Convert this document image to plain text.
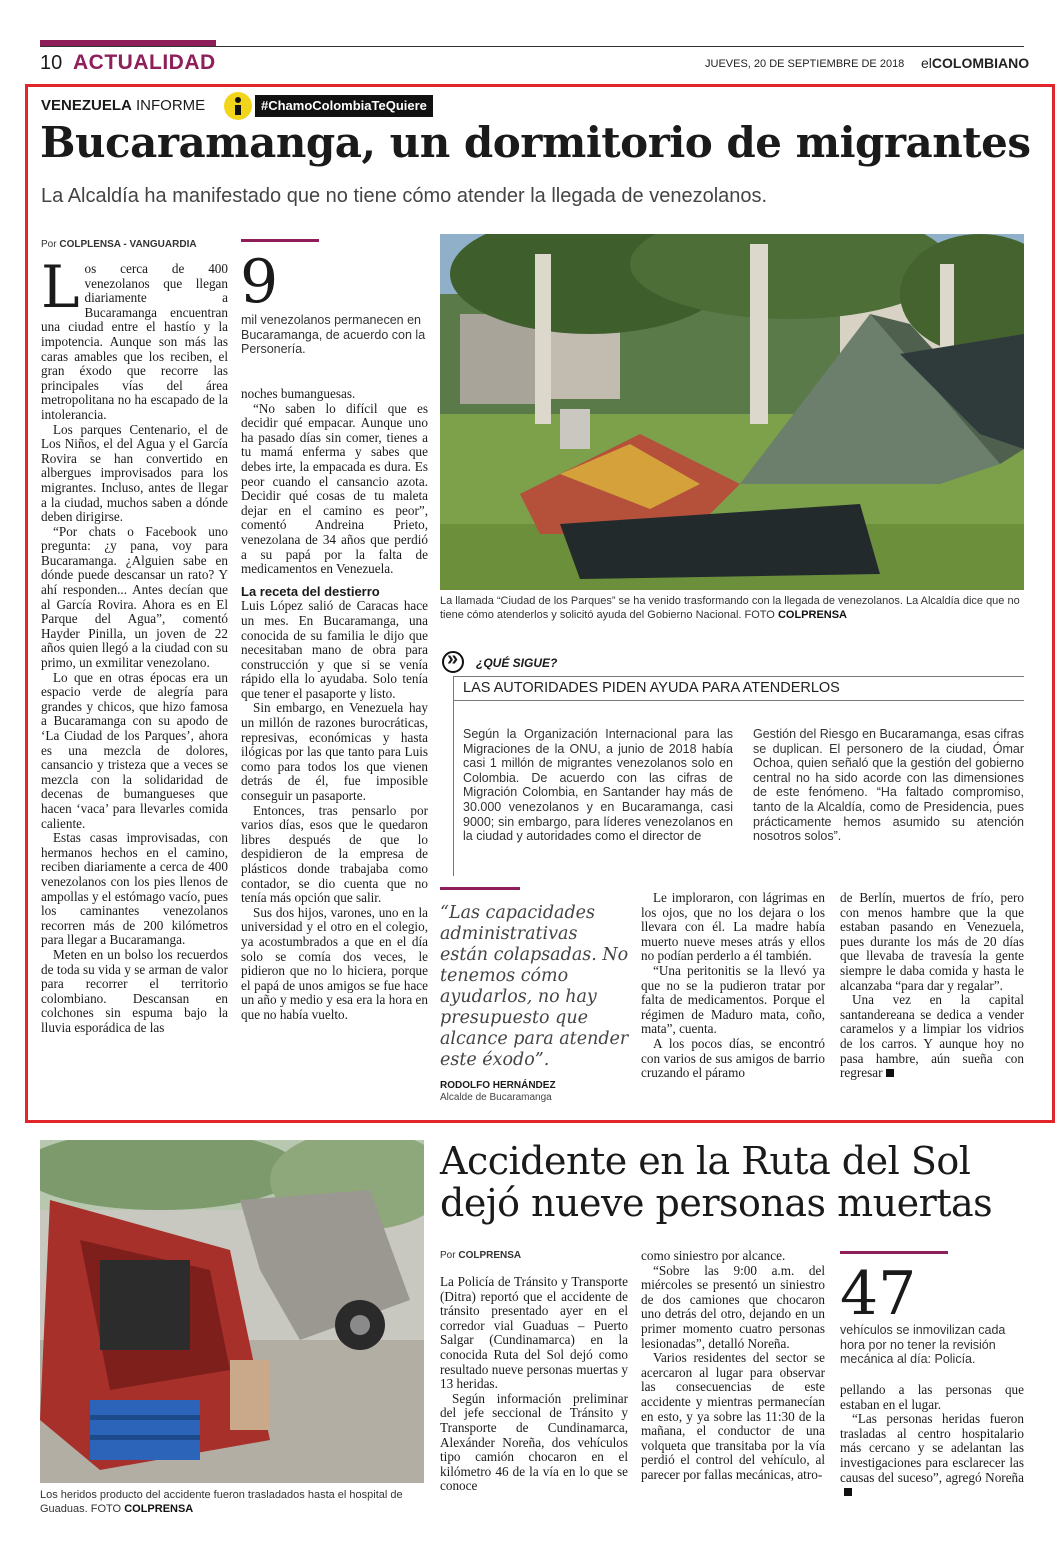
10 ACTUALIDAD	JUEVES, 20 DE SEPTIEMBRE DE 2018 elCOLOMBIANO
VENEZUELA INFORME	#ChamoColombiaTeQuiere
Bucaramanga, un dormitorio de migrantes
La Alcaldía ha manifestado que no tiene cómo atender la llegada de venezolanos.
Por COLPLENSA - VANGUARDIA

Los cerca de 400 venezolanos que llegan diariamente a Bucaramanga encuentran una ciudad entre el hastío y la impotencia. Aunque son más las caras amables que los reciben, el gran éxodo que recorre las principales vías del área metropolitana no ha escapado de la intolerancia.

Los parques Centenario, el de Los Niños, el del Agua y el García Rovira se han convertido en albergues improvisados para los migrantes. Incluso, antes de llegar a la ciudad, muchos saben a dónde deben dirigirse.

“Por chats o Facebook uno pregunta: ¿y pana, voy para Bucaramanga. ¿Alguien sabe en dónde puede descansar un rato? Y ahí responden... Antes decían que al García Rovira. Ahora es en El Parque del Agua”, comentó Hayder Pinilla, un joven de 22 años quien llegó a la ciudad con su primo, un exmilitar venezolano.

Lo que en otras épocas era un espacio verde de alegría para grandes y chicos, que hizo famosa a Bucaramanga con su apodo de ‘La Ciudad de los Parques’, ahora es una mezcla de dolores, cansancio y tristeza que a veces se mezcla con la solidaridad de decenas de bumangueses que hacen ‘vaca’ para llevarles comida caliente.

Estas casas improvisadas, con hermanos hechos en el camino, reciben diariamente a cerca de 400 venezolanos con los pies llenos de ampollas y el estómago vacío, pues los caminantes venezolanos recorren más de 200 kilómetros para llegar a Bucaramanga.

Meten en un bolso los recuerdos de toda su vida y se arman de valor para recorrer el territorio colombiano. Descansan en colchones sin espuma bajo la lluvia esporádica de las

9
mil venezolanos permanecen en Bucaramanga, de acuerdo con la Personería.

noches bumanguesas.

“No saben lo difícil que es decidir qué empacar. Aunque uno ha pasado días sin comer, tienes a tu mamá enferma y sabes que debes irte, la empacada es dura. Es peor cuando el cansancio azota. Decidir qué cosas de tu maleta dejar en el camino es peor”, comentó Andreina Prieto, venezolana de 34 años que perdió a su papá por la falta de medicamentos en Venezuela.

La receta del destierro

Luis López salió de Caracas hace un mes. En Bucaramanga, una conocida de su familia le dijo que necesitaban mano de obra para construcción y que si se venía rápido ella lo ayudaba. Solo tenía que tener el pasaporte y listo.

Sin embargo, en Venezuela hay un millón de razones burocráticas, represivas, económicas y hasta ilógicas por las que tanto para Luis como para todos los que vienen detrás de él, fue imposible conseguir un pasaporte.

Entonces, tras pensarlo por varios días, esos que le quedaron libres después de que lo despidieron de la empresa de plásticos donde trabajaba como contador, se dio cuenta que no tenía más opción que salir.

Sus dos hijos, varones, uno en la universidad y el otro en el colegio, ya acostumbrados a que en el día solo se comía dos veces, le pidieron que no lo hiciera, porque el papá de unos amigos se fue hace un año y medio y esa era la hora en que no había vuelto.

La llamada “Ciudad de los Parques” se ha venido trasformando con la llegada de venezolanos. La Alcaldía dice que no tiene cómo atenderlos y solicitó ayuda del Gobierno Nacional. FOTO COLPRENSA
»
¿QUÉ SIGUE?
LAS AUTORIDADES PIDEN AYUDA PARA ATENDERLOS
Según la Organización Internacional para las Migraciones de la ONU, a junio de 2018 había casi 1 millón de migrantes venezolanos solo en Colombia. De acuerdo con las cifras de Migración Colombia, en Santander hay más de 30.000 venezolanos y en Bucaramanga, casi 9000; sin embargo, para líderes venezolanos en la ciudad y autoridades como el director de
Gestión del Riesgo en Bucaramanga, esas cifras se duplican. El personero de la ciudad, Ómar Ochoa, quien señaló que la gestión del gobierno central no ha sido acorde con las dimensiones de este fenómeno. “Ha faltado compromiso, tanto de la Alcaldía, como de Presidencia, pues prácticamente hemos asumido su atención nosotros solos”.
“Las capacidades administrativas están colapsadas. No tenemos cómo ayudarlos, no hay presupuesto que alcance para atender este éxodo”.
RODOLFO HERNÁNDEZ
Alcalde de Bucaramanga

Le imploraron, con lágrimas en los ojos, que no los dejara o los llevara con él. La madre había muerto nueve meses atrás y ellos no podían perderlo a él también.

“Una peritonitis se la llevó ya que no se la pudieron tratar por falta de medicamentos. Porque el régimen de Maduro mata, coño, mata”, cuenta.

A los pocos días, se encontró con varios de sus amigos de barrio cruzando el páramo

de Berlín, muertos de frío, pero con menos hambre que la que estaban pasando en Venezuela, pues durante los más de 20 días que llevaba de travesía la gente siempre le daba comida y hasta le alcanzaba “para dar y regalar”.

Una vez en la capital santandereana se dedica a vender caramelos y a limpiar los vidrios de los carros. Y aunque hoy no pasa hambre, aún sueña con regresar

Los heridos producto del accidente fueron trasladados hasta el hospital de Guaduas. FOTO COLPRENSA
Accidente en la Ruta del Sol
dejó nueve personas muertas
Por COLPRENSA

La Policía de Tránsito y Transporte (Ditra) reportó que el accidente de tránsito presentado ayer en el corredor vial Guaduas – Puerto Salgar (Cundinamarca) en la conocida Ruta del Sol dejó como resultado nueve personas muertas y 13 heridas.

Según información preliminar del jefe seccional de Tránsito y Transporte de Cundinamarca, Alexánder Noreña, dos vehículos tipo camión chocaron en el kilómetro 46 de la vía en lo que se conoce

como siniestro por alcance.

“Sobre las 9:00 a.m. del miércoles se presentó un siniestro de dos camiones que chocaron uno detrás del otro, dejando en un primer momento cuatro personas lesionadas”, detalló Noreña.

Varios residentes del sector se acercaron al lugar para observar las consecuencias de este accidente y mientras permanecían en esto, y ya sobre las 11:30 de la mañana, el conductor de una volqueta que transitaba por la vía perdió el control del vehículo, al parecer por fallas mecánicas, atro-

47
vehículos se inmovilizan cada hora por no tener la revisión mecánica al día: Policía.

pellando a las personas que estaban en el lugar.

“Las personas heridas fueron trasladas al centro hospitalario más cercano y se adelantan las investigaciones para esclarecer las causas del suceso”, agregó Noreña
